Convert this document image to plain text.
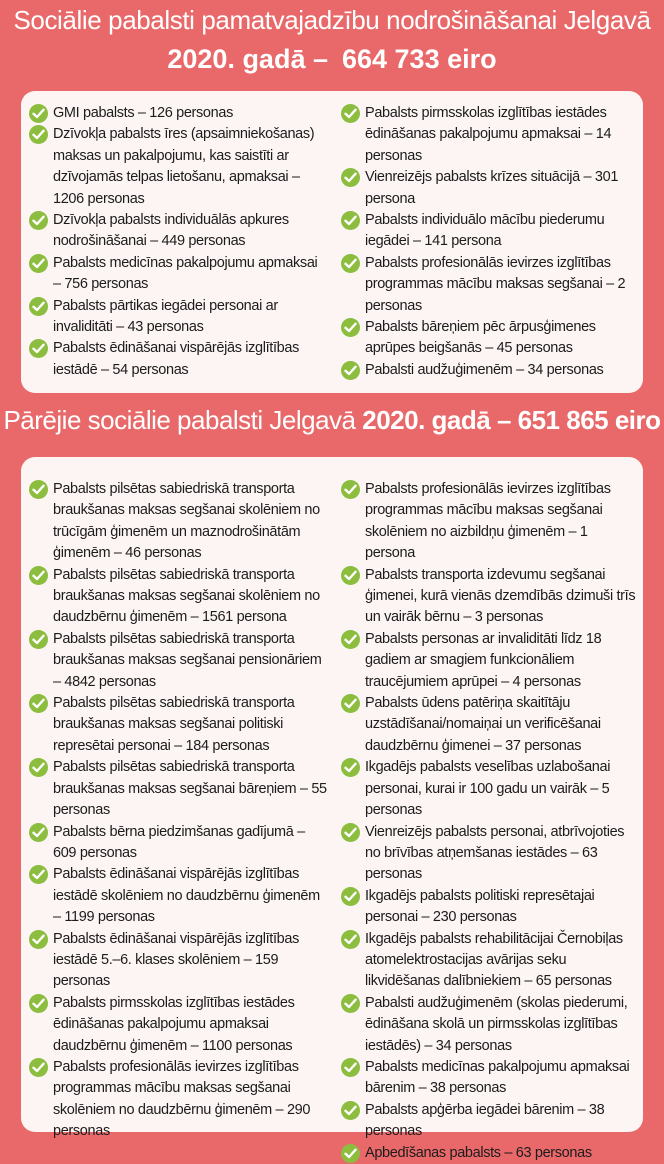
Sociālie pabalsti pamatvajadzību nodrošināšanai Jelgavā
2020. gadā – 664 733 eiro
GMI pabalsts – 126 personas
Dzīvokļa pabalsts īres (apsaimniekošanas) maksas un pakalpojumu, kas saistīti ar dzīvojamās telpas lietošanu, apmaksai – 1206 personas
Dzīvokļa pabalsts individuālās apkures nodrošināšanai – 449 personas
Pabalsts medicīnas pakalpojumu apmaksai – 756 personas
Pabalsts pārtikas iegādei personai ar invaliditāti – 43 personas
Pabalsts ēdināšanai vispārējās izglītības iestādē – 54 personas
Pabalsts pirmsskolas izglītības iestādes ēdināšanas pakalpojumu apmaksai – 14 personas
Vienreizējs pabalsts krīzes situācijā – 301 persona
Pabalsts individuālo mācību piederumu iegādei – 141 persona
Pabalsts profesionālās ievirzes izglītības programmas mācību maksas segšanai – 2 personas
Pabalsts bāreņiem pēc ārpusģimenes aprūpes beigšanās – 45 personas
Pabalsti audžuģimenēm – 34 personas
Pārējie sociālie pabalsti Jelgavā 2020. gadā – 651 865 eiro
Pabalsts pilsētas sabiedriskā transporta braukšanas maksas segšanai skolēniem no trūcīgām ģimenēm un maznodrošinātām ģimenēm – 46 personas
Pabalsts pilsētas sabiedriskā transporta braukšanas maksas segšanai skolēniem no daudzbērnu ģimenēm – 1561 persona
Pabalsts pilsētas sabiedriskā transporta braukšanas maksas segšanai pensionāriem – 4842 personas
Pabalsts pilsētas sabiedriskā transporta braukšanas maksas segšanai politiski represētai personai – 184 personas
Pabalsts pilsētas sabiedriskā transporta braukšanas maksas segšanai bāreņiem – 55 personas
Pabalsts bērna piedzimšanas gadījumā – 609 personas
Pabalsts ēdināšanai vispārējās izglītības iestādē skolēniem no daudzbērnu ģimenēm – 1199 personas
Pabalsts ēdināšanai vispārējās izglītības iestādē 5.–6. klases skolēniem – 159 personas
Pabalsts pirmsskolas izglītības iestādes ēdināšanas pakalpojumu apmaksai daudzbērnu ģimenēm – 1100 personas
Pabalsts profesionālās ievirzes izglītības programmas mācību maksas segšanai skolēniem no daudzbērnu ģimenēm – 290 personas
Pabalsts profesionālās ievirzes izglītības programmas mācību maksas segšanai skolēniem no aizbildņu ģimenēm – 1 persona
Pabalsts transporta izdevumu segšanai ģimenei, kurā vienās dzemdībās dzimuši trīs un vairāk bērnu – 3 personas
Pabalsts personas ar invaliditāti līdz 18 gadiem ar smagiem funkcionāliem traucējumiem aprūpei – 4 personas
Pabalsts ūdens patēriņa skaitītāju uzstādīšanai/nomaiņai un verificēšanai daudzbērnu ģimenei – 37 personas
Ikgadējs pabalsts veselības uzlabošanai personai, kurai ir 100 gadu un vairāk – 5 personas
Vienreizējs pabalsts personai, atbrīvojoties no brīvības atņemšanas iestādes – 63 personas
Ikgadējs pabalsts politiski represētajai personai – 230 personas
Ikgadējs pabalsts rehabilitācijai Černobiļas atomelektrostacijas avārijas seku likvidēšanas dalībniekiem – 65 personas
Pabalsti audžuģimenēm (skolas piederumi, ēdināšana skolā un pirmsskolas izglītības iestādēs) – 34 personas
Pabalsts medicīnas pakalpojumu apmaksai bārenim – 38 personas
Pabalsts apģērba iegādei bārenim – 38 personas
Apbedīšanas pabalsts – 63 personas
